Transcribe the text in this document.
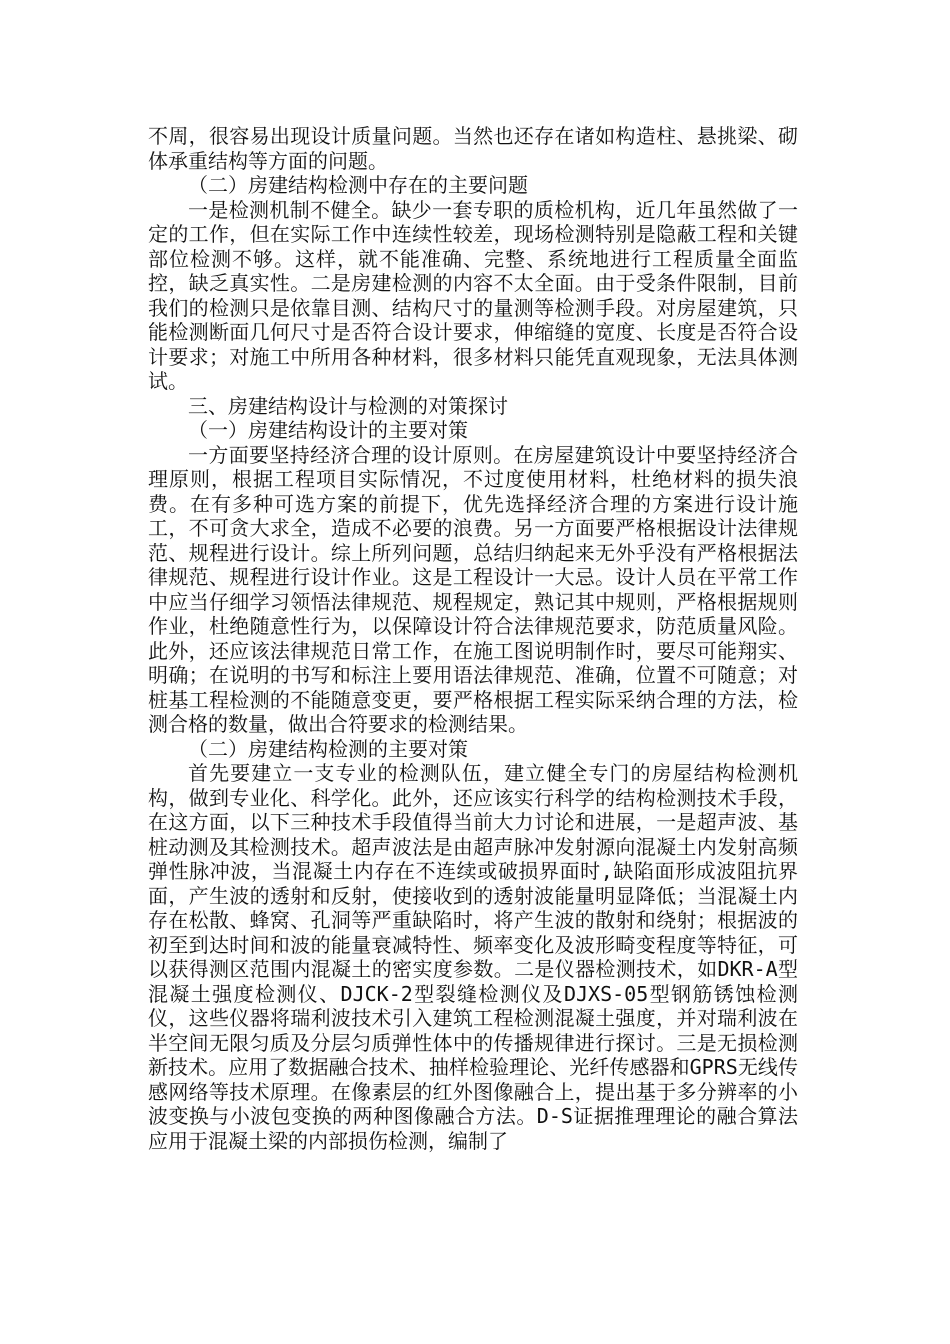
不周，很容易出现设计质量问题。当然也还存在诸如构造柱、悬挑梁、砌体承重结构等方面的问题。

（二）房建结构检测中存在的主要问题

一是检测机制不健全。缺少一套专职的质检机构，近几年虽然做了一定的工作，但在实际工作中连续性较差，现场检测特别是隐蔽工程和关键部位检测不够。这样，就不能准确、完整、系统地进行工程质量全面监控，缺乏真实性。二是房建检测的内容不太全面。由于受条件限制，目前我们的检测只是依靠目测、结构尺寸的量测等检测手段。对房屋建筑，只能检测断面几何尺寸是否符合设计要求，伸缩缝的宽度、长度是否符合设计要求；对施工中所用各种材料，很多材料只能凭直观现象，无法具体测试。

三、房建结构设计与检测的对策探讨

（一）房建结构设计的主要对策

一方面要坚持经济合理的设计原则。在房屋建筑设计中要坚持经济合理原则，根据工程项目实际情况，不过度使用材料，杜绝材料的损失浪费。在有多种可选方案的前提下，优先选择经济合理的方案进行设计施工，不可贪大求全，造成不必要的浪费。另一方面要严格根据设计法律规范、规程进行设计。综上所列问题，总结归纳起来无外乎没有严格根据法律规范、规程进行设计作业。这是工程设计一大忌。设计人员在平常工作中应当仔细学习领悟法律规范、规程规定，熟记其中规则，严格根据规则作业，杜绝随意性行为，以保障设计符合法律规范要求，防范质量风险。此外，还应该法律规范日常工作，在施工图说明制作时，要尽可能翔实、明确；在说明的书写和标注上要用语法律规范、准确，位置不可随意；对桩基工程检测的不能随意变更，要严格根据工程实际采纳合理的方法，检测合格的数量，做出合符要求的检测结果。

（二）房建结构检测的主要对策

首先要建立一支专业的检测队伍，建立健全专门的房屋结构检测机构，做到专业化、科学化。此外，还应该实行科学的结构检测技术手段，在这方面，以下三种技术手段值得当前大力讨论和进展，一是超声波、基桩动测及其检测技术。超声波法是由超声脉冲发射源向混凝土内发射高频弹性脉冲波，当混凝土内存在不连续或破损界面时,缺陷面形成波阻抗界面，产生波的透射和反射，使接收到的透射波能量明显降低；当混凝土内存在松散、蜂窝、孔洞等严重缺陷时，将产生波的散射和绕射；根据波的初至到达时间和波的能量衰减特性、频率变化及波形畸变程度等特征，可以获得测区范围内混凝土的密实度参数。二是仪器检测技术，如DKR-A型混凝土强度检测仪、DJCK-2型裂缝检测仪及DJXS-05型钢筋锈蚀检测仪，这些仪器将瑞利波技术引入建筑工程检测混凝土强度，并对瑞利波在半空间无限匀质及分层匀质弹性体中的传播规律进行探讨。三是无损检测新技术。应用了数据融合技术、抽样检验理论、光纤传感器和GPRS无线传感网络等技术原理。在像素层的红外图像融合上，提出基于多分辨率的小波变换与小波包变换的两种图像融合方法。D-S证据推理理论的融合算法应用于混凝土梁的内部损伤检测，编制了
